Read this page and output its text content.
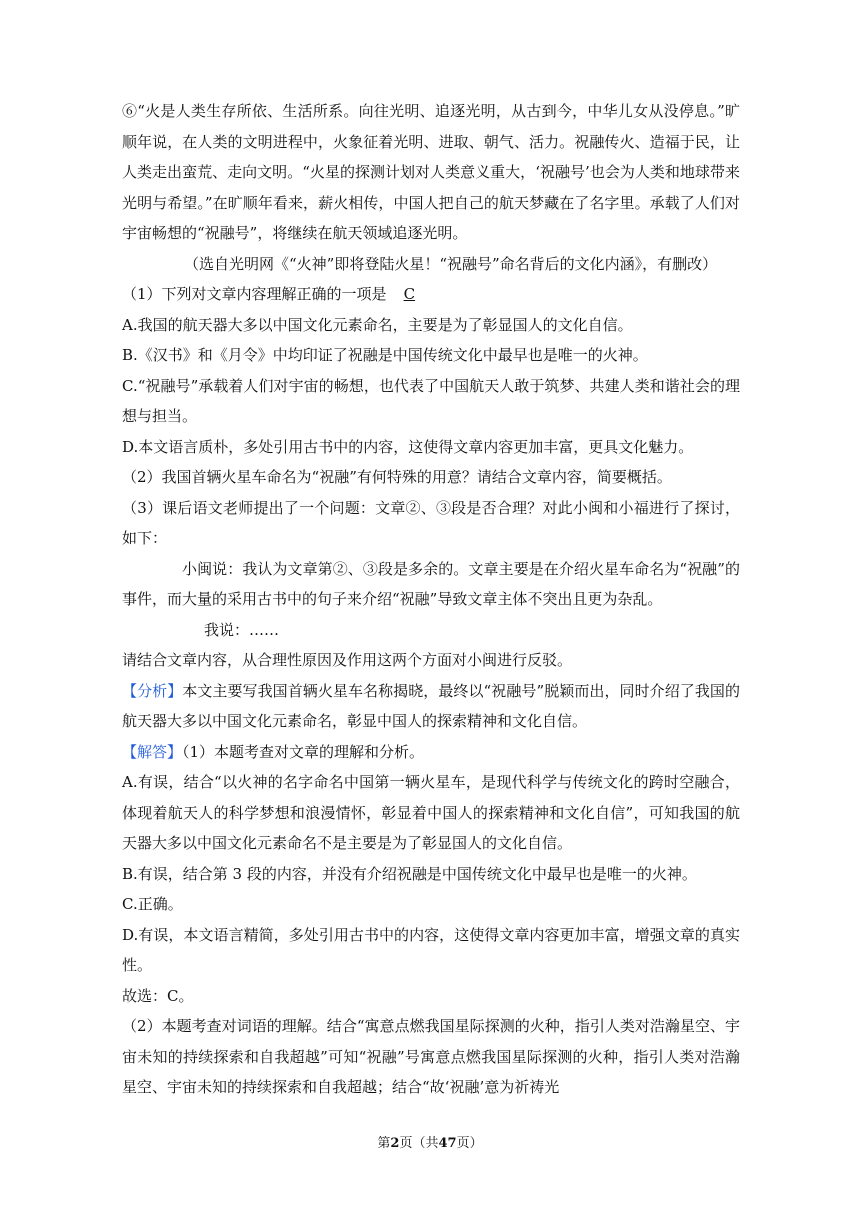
⑥“火是人类生存所依、生活所系。向往光明、追逐光明，从古到今，中华儿女从没停息。”旷顺年说，在人类的文明进程中，火象征着光明、进取、朝气、活力。祝融传火、造福于民，让人类走出蛮荒、走向文明。“火星的探测计划对人类意义重大，‘祝融号’也会为人类和地球带来光明与希望。”在旷顺年看来，薪火相传，中国人把自己的航天梦藏在了名字里。承载了人们对宇宙畅想的“祝融号”，将继续在航天领域追逐光明。

（选自光明网《“火神”即将登陆火星！“祝融号”命名背后的文化内涵》，有删改）

（1）下列对文章内容理解正确的一项是 C

A.我国的航天器大多以中国文化元素命名，主要是为了彰显国人的文化自信。

B.《汉书》和《月令》中均印证了祝融是中国传统文化中最早也是唯一的火神。

C.“祝融号”承载着人们对宇宙的畅想，也代表了中国航天人敢于筑梦、共建人类和谐社会的理　想与担当。

D.本文语言质朴，多处引用古书中的内容，这使得文章内容更加丰富，更具文化魅力。

（2）我国首辆火星车命名为“祝融”有何特殊的用意？请结合文章内容，简要概括。

（3）课后语文老师提出了一个问题：文章②、③段是否合理？对此小闽和小福进行了探讨，如下：

小闽说：我认为文章第②、③段是多余的。文章主要是在介绍火星车命名为“祝融”的事件，而大量的采用古书中的句子来介绍“祝融”导致文章主体不突出且更为杂乱。

我说：……

请结合文章内容，从合理性原因及作用这两个方面对小闽进行反驳。

【分析】本文主要写我国首辆火星车名称揭晓，最终以“祝融号”脱颖而出，同时介绍了我国的航天器大多以中国文化元素命名，彰显中国人的探索精神和文化自信。

【解答】（1）本题考查对文章的理解和分析。

A.有误，结合“以火神的名字命名中国第一辆火星车，是现代科学与传统文化的跨时空融合，体现着航天人的科学梦想和浪漫情怀，彰显着中国人的探索精神和文化自信”，可知我国的航天器大多以中国文化元素命名不是主要是为了彰显国人的文化自信。

B.有误，结合第 3 段的内容，并没有介绍祝融是中国传统文化中最早也是唯一的火神。

C.正确。

D.有误，本文语言精简，多处引用古书中的内容，这使得文章内容更加丰富，增强文章的真实性。

故选：C。

（2）本题考查对词语的理解。结合“寓意点燃我国星际探测的火种，指引人类对浩瀚星空、宇宙未知的持续探索和自我超越”可知“祝融”号寓意点燃我国星际探测的火种，指引人类对浩瀚星空、宇宙未知的持续探索和自我超越；结合“故‘祝融’意为祈祷光

第2页（共47页）
